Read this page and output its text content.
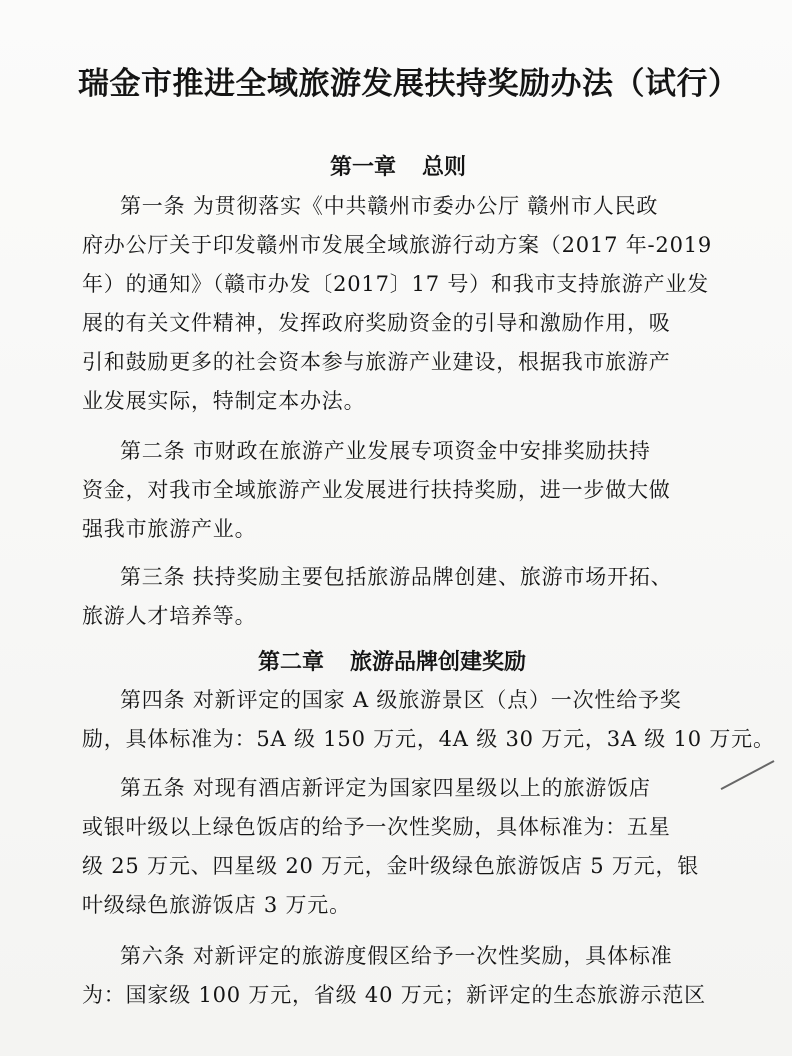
瑞金市推进全域旅游发展扶持奖励办法（试行）
第一章 总则
第一条 为贯彻落实《中共赣州市委办公厅 赣州市人民政
府办公厅关于印发赣州市发展全域旅游行动方案（2017 年-2019
年）的通知》（赣市办发〔2017〕17 号）和我市支持旅游产业发
展的有关文件精神，发挥政府奖励资金的引导和激励作用，吸
引和鼓励更多的社会资本参与旅游产业建设，根据我市旅游产
业发展实际，特制定本办法。
第二条 市财政在旅游产业发展专项资金中安排奖励扶持
资金，对我市全域旅游产业发展进行扶持奖励，进一步做大做
强我市旅游产业。
第三条 扶持奖励主要包括旅游品牌创建、旅游市场开拓、
旅游人才培养等。
第二章 旅游品牌创建奖励
第四条 对新评定的国家 A 级旅游景区（点）一次性给予奖
励，具体标准为：5A 级 150 万元，4A 级 30 万元，3A 级 10 万元。
第五条 对现有酒店新评定为国家四星级以上的旅游饭店
或银叶级以上绿色饭店的给予一次性奖励，具体标准为：五星
级 25 万元、四星级 20 万元，金叶级绿色旅游饭店 5 万元，银
叶级绿色旅游饭店 3 万元。
第六条 对新评定的旅游度假区给予一次性奖励，具体标准
为：国家级 100 万元，省级 40 万元；新评定的生态旅游示范区
